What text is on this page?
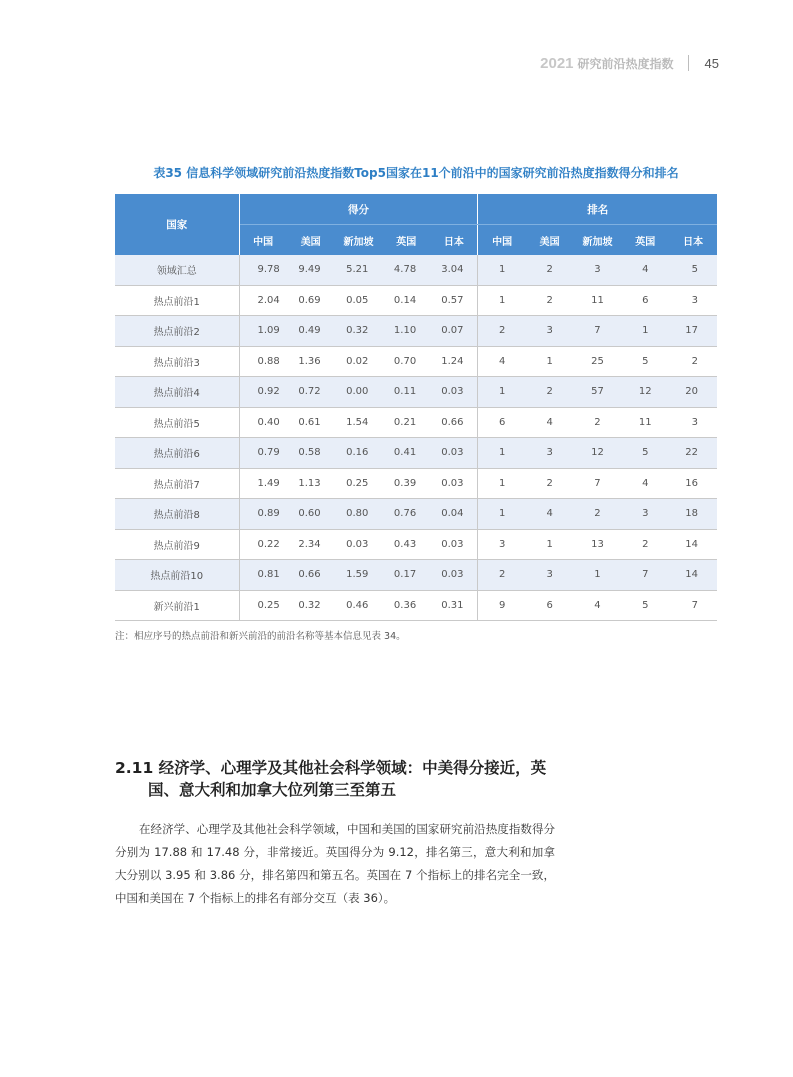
2021 研究前沿热度指数 45
表35 信息科学领域研究前沿热度指数Top5国家在11个前沿中的国家研究前沿热度指数得分和排名
国家	得分					排名				
	中国	美国	新加坡	英国	日本	中国	美国	新加坡	英国	日本
领域汇总	9.78	9.49	5.21	4.78	3.04	1	2	3	4	5
热点前沿1	2.04	0.69	0.05	0.14	0.57	1	2	11	6	3
热点前沿2	1.09	0.49	0.32	1.10	0.07	2	3	7	1	17
热点前沿3	0.88	1.36	0.02	0.70	1.24	4	1	25	5	2
热点前沿4	0.92	0.72	0.00	0.11	0.03	1	2	57	12	20
热点前沿5	0.40	0.61	1.54	0.21	0.66	6	4	2	11	3
热点前沿6	0.79	0.58	0.16	0.41	0.03	1	3	12	5	22
热点前沿7	1.49	1.13	0.25	0.39	0.03	1	2	7	4	16
热点前沿8	0.89	0.60	0.80	0.76	0.04	1	4	2	3	18
热点前沿9	0.22	2.34	0.03	0.43	0.03	3	1	13	2	14
热点前沿10	0.81	0.66	1.59	0.17	0.03	2	3	1	7	14
新兴前沿1	0.25	0.32	0.46	0.36	0.31	9	6	4	5	7
注：相应序号的热点前沿和新兴前沿的前沿名称等基本信息见表 34。
2.11 经济学、心理学及其他社会科学领域：中美得分接近，英
国、意大利和加拿大位列第三至第五

在经济学、心理学及其他社会科学领域，中国和美国的国家研究前沿热度指数得分分别为 17.88 和 17.48 分，非常接近。英国得分为 9.12，排名第三，意大利和加拿大分别以 3.95 和 3.86 分，排名第四和第五名。英国在 7 个指标上的排名完全一致，中国和美国在 7 个指标上的排名有部分交互（表 36）。
